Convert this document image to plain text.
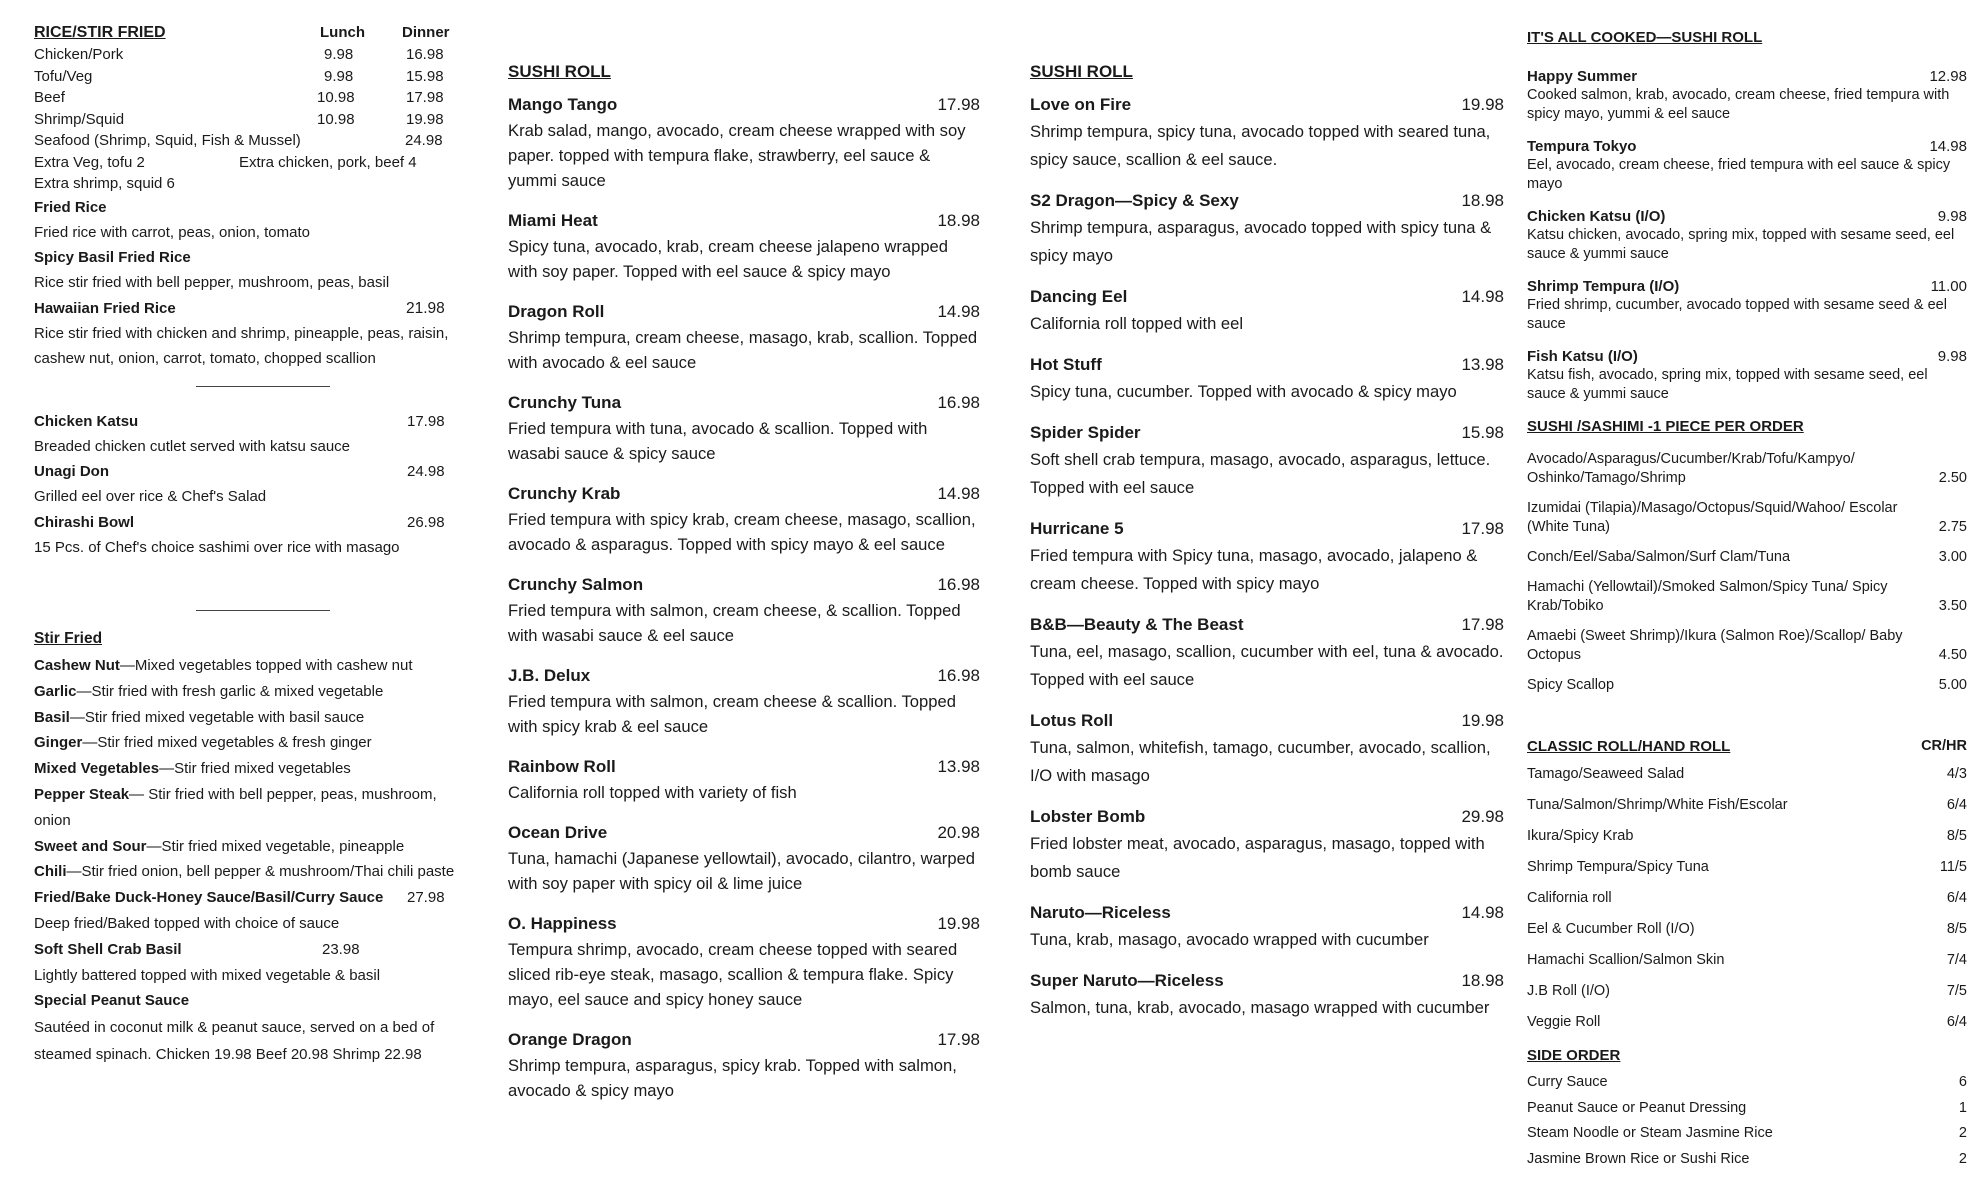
RICE/STIR FRIED	Lunch Dinner
Chicken/Pork	9.98	16.98
Tofu/Veg	9.98	15.98
Beef	10.98	17.98
Shrimp/Squid	10.98	19.98
Seafood (Shrimp, Squid, Fish & Mussel)	24.98
Extra Veg, tofu 2	Extra chicken, pork, beef 4
Extra shrimp, squid 6
Fried Rice
Fried rice with carrot, peas, onion, tomato
Spicy Basil Fried Rice
Rice stir fried with bell pepper, mushroom, peas, basil
Hawaiian Fried Rice	21.98
Rice stir fried with chicken and shrimp, pineapple, peas, raisin, cashew nut, onion, carrot, tomato, chopped scallion
Chicken Katsu	17.98
Breaded chicken cutlet served with katsu sauce
Unagi Don	24.98
Grilled eel over rice & Chef's Salad
Chirashi Bowl	26.98
15 Pcs. of Chef's choice sashimi over rice with masago
Stir Fried
Cashew Nut—Mixed vegetables topped with cashew nut
Garlic—Stir fried with fresh garlic & mixed vegetable
Basil—Stir fried mixed vegetable with basil sauce
Ginger—Stir fried mixed vegetables & fresh ginger
Mixed Vegetables—Stir fried mixed vegetables
Pepper Steak— Stir fried with bell pepper, peas, mushroom, onion
Sweet and Sour—Stir fried mixed vegetable, pineapple
Chili—Stir fried onion, bell pepper & mushroom/Thai chili paste
Fried/Bake Duck-Honey Sauce/Basil/Curry Sauce 27.98
Deep fried/Baked topped with choice of sauce
Soft Shell Crab Basil	23.98
Lightly battered topped with mixed vegetable & basil
Special Peanut Sauce
Sautéed in coconut milk & peanut sauce, served on a bed of steamed spinach. Chicken 19.98 Beef 20.98 Shrimp 22.98
SUSHI ROLL
Mango Tango	17.98
Krab salad, mango, avocado, cream cheese wrapped with soy paper. topped with tempura flake, strawberry, eel sauce & yummi sauce
Miami Heat	18.98
Spicy tuna, avocado, krab, cream cheese jalapeno wrapped with soy paper. Topped with eel sauce & spicy mayo
Dragon Roll	14.98
Shrimp tempura, cream cheese, masago, krab, scallion. Topped with avocado & eel sauce
Crunchy Tuna	16.98
Fried tempura with tuna, avocado & scallion. Topped with wasabi sauce & spicy sauce
Crunchy Krab	14.98
Fried tempura with spicy krab, cream cheese, masago, scallion, avocado & asparagus. Topped with spicy mayo & eel sauce
Crunchy Salmon	16.98
Fried tempura with salmon, cream cheese, & scallion. Topped with wasabi sauce & eel sauce
J.B. Delux	16.98
Fried tempura with salmon, cream cheese & scallion. Topped with spicy krab & eel sauce
Rainbow Roll	13.98
California roll topped with variety of fish
Ocean Drive	20.98
Tuna, hamachi (Japanese yellowtail), avocado, cilantro, warped with soy paper with spicy oil & lime juice
O. Happiness	19.98
Tempura shrimp, avocado, cream cheese topped with seared sliced rib-eye steak, masago, scallion & tempura flake. Spicy mayo, eel sauce and spicy honey sauce
Orange Dragon	17.98
Shrimp tempura, asparagus, spicy krab. Topped with salmon, avocado & spicy mayo
SUSHI ROLL
Love on Fire	19.98
Shrimp tempura, spicy tuna, avocado topped with seared tuna, spicy sauce, scallion & eel sauce.
S2 Dragon—Spicy & Sexy	18.98
Shrimp tempura, asparagus, avocado topped with spicy tuna & spicy mayo
Dancing Eel	14.98
California roll topped with eel
Hot Stuff	13.98
Spicy tuna, cucumber. Topped with avocado & spicy mayo
Spider Spider	15.98
Soft shell crab tempura, masago, avocado, asparagus, lettuce. Topped with eel sauce
Hurricane 5	17.98
Fried tempura with Spicy tuna, masago, avocado, jalapeno & cream cheese. Topped with spicy mayo
B&B—Beauty & The Beast	17.98
Tuna, eel, masago, scallion, cucumber with eel, tuna & avocado. Topped with eel sauce
Lotus Roll	19.98
Tuna, salmon, whitefish, tamago, cucumber, avocado, scallion, I/O with masago
Lobster Bomb	29.98
Fried lobster meat, avocado, asparagus, masago, topped with bomb sauce
Naruto—Riceless	14.98
Tuna, krab, masago, avocado wrapped with cucumber
Super Naruto—Riceless	18.98
Salmon, tuna, krab, avocado, masago wrapped with cucumber
IT'S ALL COOKED—SUSHI ROLL
Happy Summer	12.98
Cooked salmon, krab, avocado, cream cheese, fried tempura with spicy mayo, yummi & eel sauce
Tempura Tokyo	14.98
Eel, avocado, cream cheese, fried tempura with eel sauce & spicy mayo
Chicken Katsu (I/O)	9.98
Katsu chicken, avocado, spring mix, topped with sesame seed, eel sauce & yummi sauce
Shrimp Tempura (I/O)	11.00
Fried shrimp, cucumber, avocado topped with sesame seed & eel sauce
Fish Katsu (I/O)	9.98
Katsu fish, avocado, spring mix, topped with sesame seed, eel sauce & yummi sauce
SUSHI /SASHIMI -1 PIECE PER ORDER
Avocado/Asparagus/Cucumber/Krab/Tofu/Kampyo/ Oshinko/Tamago/Shrimp	2.50
Izumidai (Tilapia)/Masago/Octopus/Squid/Wahoo/ Escolar (White Tuna)	2.75
Conch/Eel/Saba/Salmon/Surf Clam/Tuna	3.00
Hamachi (Yellowtail)/Smoked Salmon/Spicy Tuna/ Spicy Krab/Tobiko	3.50
Amaebi (Sweet Shrimp)/Ikura (Salmon Roe)/Scallop/ Baby Octopus	4.50
Spicy Scallop	5.00
CLASSIC ROLL/HAND ROLL	CR/HR
Tamago/Seaweed Salad	4/3
Tuna/Salmon/Shrimp/White Fish/Escolar	6/4
Ikura/Spicy Krab	8/5
Shrimp Tempura/Spicy Tuna	11/5
California roll	6/4
Eel & Cucumber Roll (I/O)	8/5
Hamachi Scallion/Salmon Skin	7/4
J.B Roll (I/O)	7/5
Veggie Roll	6/4
SIDE ORDER
Curry Sauce	6
Peanut Sauce or Peanut Dressing	1
Steam Noodle or Steam Jasmine Rice	2
Jasmine Brown Rice or Sushi Rice	2
